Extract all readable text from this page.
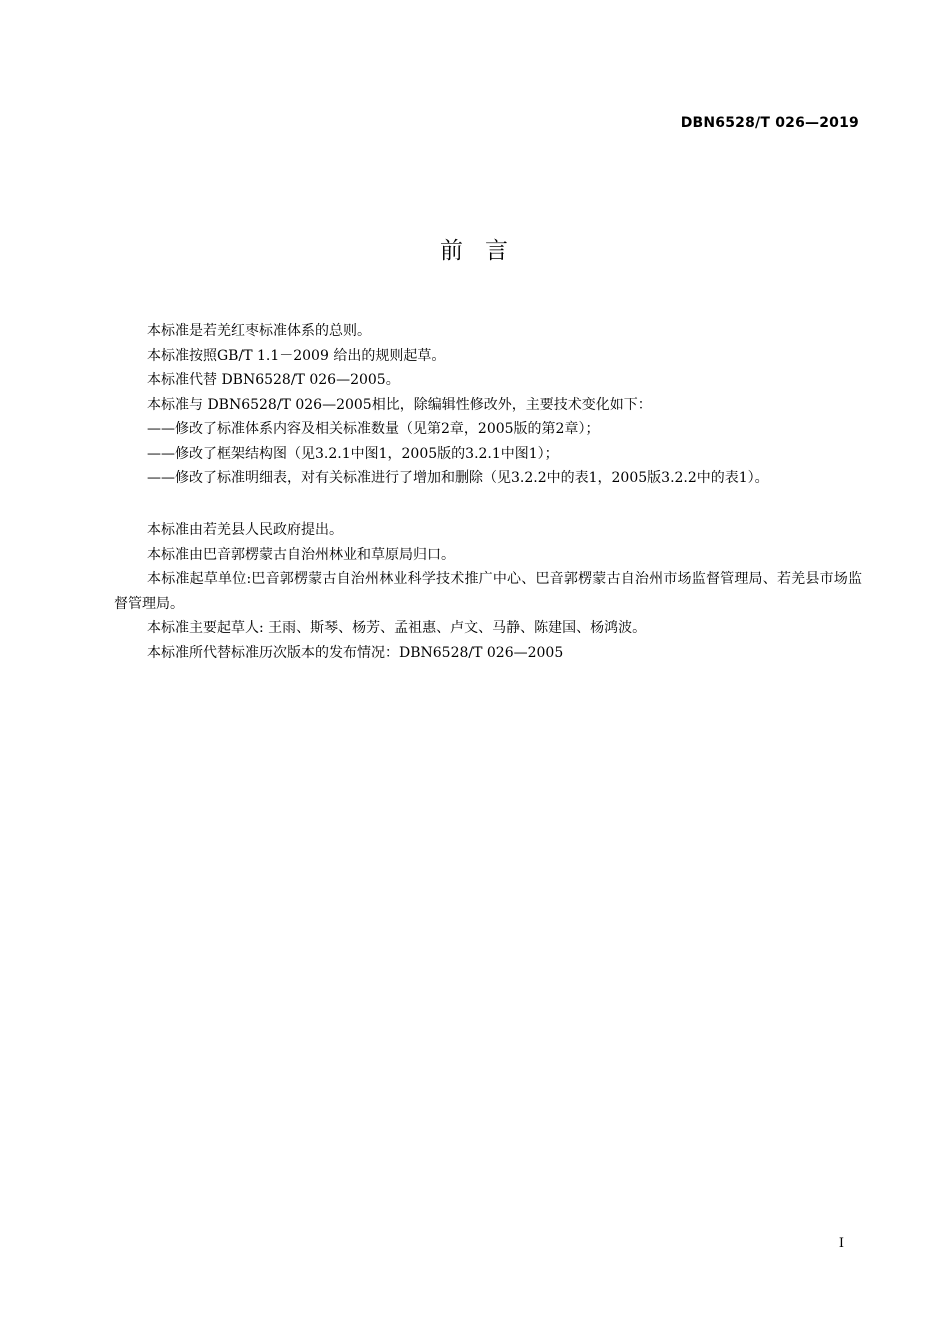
DBN6528/T 026—2019
前言

本标准是若羌红枣标准体系的总则。

本标准按照GB/T 1.1－2009 给出的规则起草。

本标准代替 DBN6528/T 026—2005。

本标准与 DBN6528/T 026—2005相比，除编辑性修改外，主要技术变化如下：

——修改了标准体系内容及相关标准数量（见第2章，2005版的第2章）；

——修改了框架结构图（见3.2.1中图1，2005版的3.2.1中图1）；

——修改了标准明细表，对有关标准进行了增加和删除（见3.2.2中的表1，2005版3.2.2中的表1）。

本标准由若羌县人民政府提出。

本标准由巴音郭楞蒙古自治州林业和草原局归口。

本标准起草单位:巴音郭楞蒙古自治州林业科学技术推广中心、巴音郭楞蒙古自治州市场监督管理局、若羌县市场监督管理局。

本标准主要起草人: 王雨、斯琴、杨芳、孟祖惠、卢文、马静、陈建国、杨鸿波。

本标准所代替标准历次版本的发布情况：DBN6528/T 026—2005

I
